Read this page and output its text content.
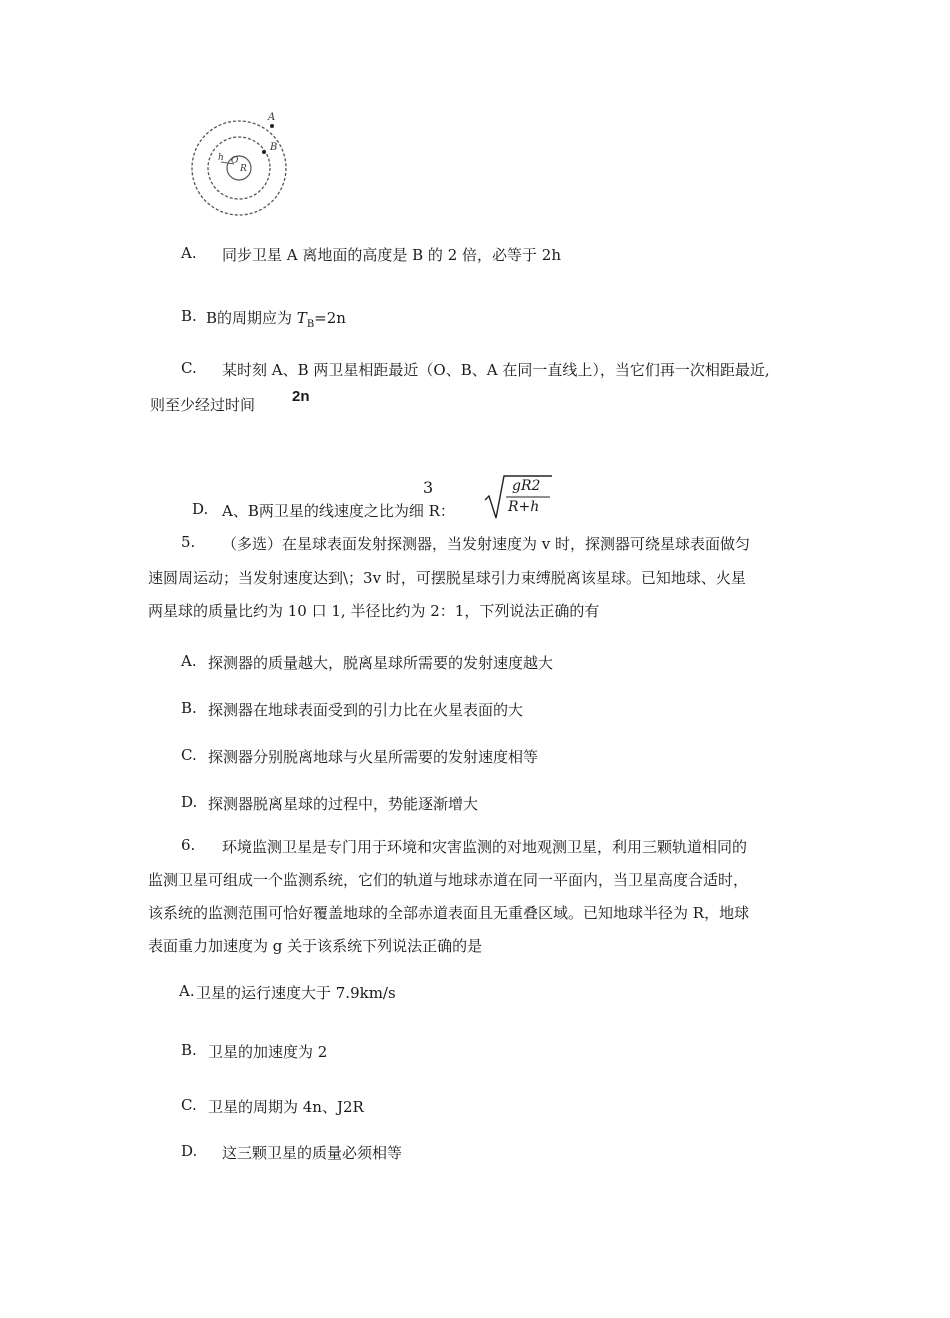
A
B
h O
R
A. 同步卫星 A 离地面的高度是 B 的 2 倍，必等于 2h
B. B的周期应为 $T_B=2n$
C. 某时刻 A、B 两卫星相距最近（O、B、A 在同一直线上），当它们再一次相距最近,
则至少经过时间 2n
3
D. A、B两卫星的线速度之比为细 R：
gR2
R+h
5. （多选）在星球表面发射探测器，当发射速度为 v 时，探测器可绕星球表面做匀
速圆周运动；当发射速度达到\；3v 时，可摆脱星球引力束缚脱离该星球。已知地球、火星
两星球的质量比约为 10 口 1, 半径比约为 2：1，下列说法正确的有
A. 探测器的质量越大，脱离星球所需要的发射速度越大
B. 探测器在地球表面受到的引力比在火星表面的大
C. 探测器分别脱离地球与火星所需要的发射速度相等
D. 探测器脱离星球的过程中，势能逐渐增大
6. 环境监测卫星是专门用于环境和灾害监测的对地观测卫星，利用三颗轨道相同的
监测卫星可组成一个监测系统，它们的轨道与地球赤道在同一平面内，当卫星高度合适时，
该系统的监测范围可恰好覆盖地球的全部赤道表面且无重叠区域。已知地球半径为 R，地球
表面重力加速度为 g 关于该系统下列说法正确的是
A. 卫星的运行速度大于 7.9km/s
B. 卫星的加速度为 2
C. 卫星的周期为 4n、J2R
D. 这三颗卫星的质量必须相等
